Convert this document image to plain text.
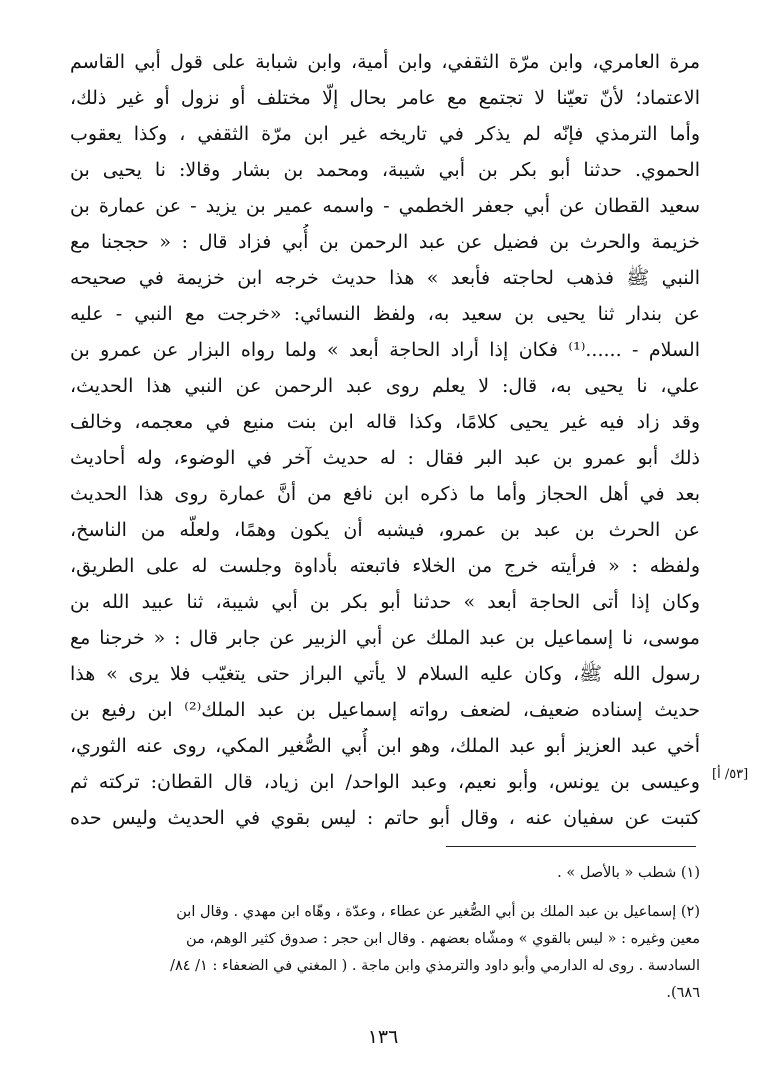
مرة العامري، وابن مرّة الثقفي، وابن أمية، وابن شبابة على قول أبي القاسم
الاعتماد؛ لأنّ تعيّنا لا تجتمع مع عامر بحال إلّا مختلف أو نزول أو غير ذلك،
وأما الترمذي فإنّه لم يذكر في تاريخه غير ابن مرّة الثقفي ، وكذا يعقوب
الحموي. حدثنا أبو بكر بن أبي شيبة، ومحمد بن بشار وقالا: نا يحيى بن
سعيد القطان عن أبي جعفر الخطمي - واسمه عمير بن يزيد - عن عمارة بن
خزيمة والحرث بن فضيل عن عبد الرحمن بن أُبي فزاد قال : « حججنا مع
النبي ﷺ فذهب لحاجته فأبعد » هذا حديث خرجه ابن خزيمة في صحيحه
عن بندار ثنا يحيى بن سعيد به، ولفظ النسائي: «خرجت مع النبي - عليه
السلام - ......⁽¹⁾ فكان إذا أراد الحاجة أبعد » ولما رواه البزار عن عمرو بن
علي، نا يحيى به، قال: لا يعلم روى عبد الرحمن عن النبي هذا الحديث،
وقد زاد فيه غير يحيى كلامًا، وكذا قاله ابن بنت منيع في معجمه، وخالف
ذلك أبو عمرو بن عبد البر فقال : له حديث آخر في الوضوء، وله أحاديث
بعد في أهل الحجاز وأما ما ذكره ابن نافع من أنَّ عمارة روى هذا الحديث
عن الحرث بن عبد بن عمرو، فيشبه أن يكون وهمًا، ولعلّه من الناسخ،
ولفظه : « فرأيته خرج من الخلاء فاتبعته بأداوة وجلست له على الطريق،
وكان إذا أتى الحاجة أبعد » حدثنا أبو بكر بن أبي شيبة، ثنا عبيد الله بن
موسى، نا إسماعيل بن عبد الملك عن أبي الزبير عن جابر قال : « خرجنا مع
رسول الله ﷺ، وكان عليه السلام لا يأتي البراز حتى يتغيّب فلا يرى » هذا
حديث إسناده ضعيف، لضعف رواته إسماعيل بن عبد الملك⁽²⁾ ابن رفيع بن
أخي عبد العزيز أبو عبد الملك، وهو ابن أُبي الصُّغير المكي، روى عنه الثوري،
وعيسى بن يونس، وأبو نعيم، وعبد الواحد/ ابن زياد، قال القطان: تركته ثم
كتبت عن سفيان عنه ، وقال أبو حاتم : ليس بقوي في الحديث وليس حده
[٥٣/ أ]
(١) شطب « بالأصل » .
(٢) إسماعيل بن عبد الملك بن أبي الصُّغير عن عطاء ، وعدّة ، وهّاه ابن مهدي . وقال ابن
معين وغيره : « ليس بالقوي » ومشّاه بعضهم . وقال ابن حجر : صدوق كثير الوهم، من
السادسة . روى له الدارمي وأبو داود والترمذي وابن ماجة . ( المغني في الضعفاء : ١/ ٨٤/
٦٨٦).
١٣٦
